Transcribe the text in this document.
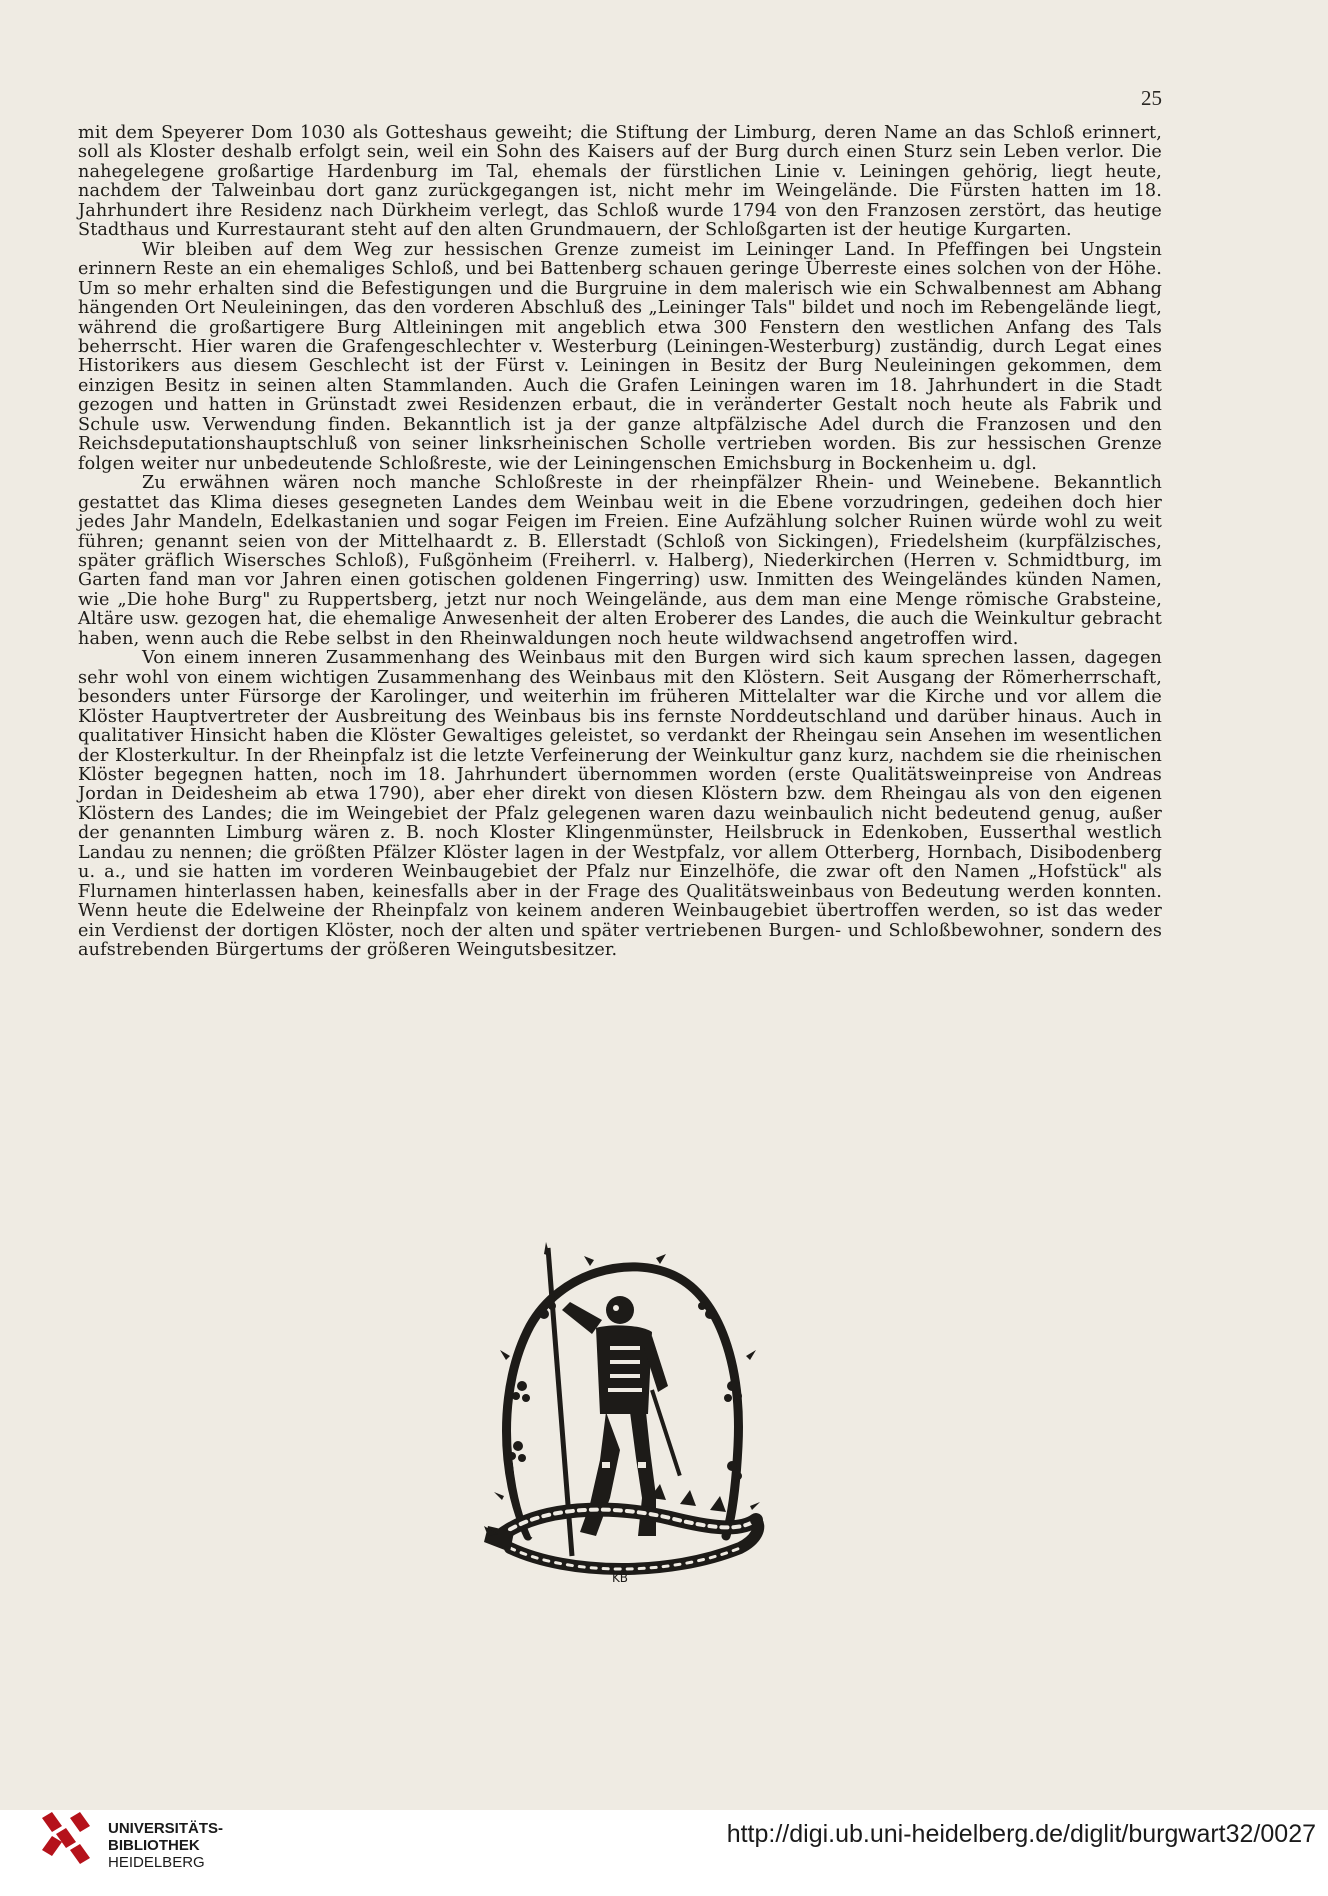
25

mit dem Speyerer Dom 1030 als Gotteshaus geweiht; die Stiftung der Limburg, deren Name an das Schloß erinnert, soll als Kloster deshalb erfolgt sein, weil ein Sohn des Kaisers auf der Burg durch einen Sturz sein Leben verlor. Die nahegelegene großartige Hardenburg im Tal, ehemals der fürstlichen Linie v. Leiningen gehörig, liegt heute, nachdem der Talweinbau dort ganz zurückgegangen ist, nicht mehr im Weingelände. Die Fürsten hatten im 18. Jahrhundert ihre Residenz nach Dürkheim verlegt, das Schloß wurde 1794 von den Franzosen zerstört, das heutige Stadthaus und Kurrestaurant steht auf den alten Grundmauern, der Schloßgarten ist der heutige Kurgarten.

Wir bleiben auf dem Weg zur hessischen Grenze zumeist im Leininger Land. In Pfeffingen bei Ungstein erinnern Reste an ein ehemaliges Schloß, und bei Battenberg schauen geringe Überreste eines solchen von der Höhe. Um so mehr erhalten sind die Befestigungen und die Burgruine in dem malerisch wie ein Schwalbennest am Abhang hängenden Ort Neuleiningen, das den vorderen Abschluß des „Leininger Tals" bildet und noch im Rebengelände liegt, während die großartigere Burg Altleiningen mit angeblich etwa 300 Fenstern den westlichen Anfang des Tals beherrscht. Hier waren die Grafengeschlechter v. Westerburg (Leiningen-Westerburg) zuständig, durch Legat eines Historikers aus diesem Geschlecht ist der Fürst v. Leiningen in Besitz der Burg Neuleiningen gekommen, dem einzigen Besitz in seinen alten Stammlanden. Auch die Grafen Leiningen waren im 18. Jahrhundert in die Stadt gezogen und hatten in Grünstadt zwei Residenzen erbaut, die in veränderter Gestalt noch heute als Fabrik und Schule usw. Verwendung finden. Bekanntlich ist ja der ganze altpfälzische Adel durch die Franzosen und den Reichsdeputationshauptschluß von seiner linksrheinischen Scholle vertrieben worden. Bis zur hessischen Grenze folgen weiter nur unbedeutende Schloßreste, wie der Leiningenschen Emichsburg in Bockenheim u. dgl.

Zu erwähnen wären noch manche Schloßreste in der rheinpfälzer Rhein- und Weinebene. Bekanntlich gestattet das Klima dieses gesegneten Landes dem Weinbau weit in die Ebene vorzudringen, gedeihen doch hier jedes Jahr Mandeln, Edelkastanien und sogar Feigen im Freien. Eine Aufzählung solcher Ruinen würde wohl zu weit führen; genannt seien von der Mittelhaardt z. B. Ellerstadt (Schloß von Sickingen), Friedelsheim (kurpfälzisches, später gräflich Wisersches Schloß), Fußgönheim (Freiherrl. v. Halberg), Niederkirchen (Herren v. Schmidtburg, im Garten fand man vor Jahren einen gotischen goldenen Fingerring) usw. Inmitten des Weingeländes künden Namen, wie „Die hohe Burg" zu Ruppertsberg, jetzt nur noch Weingelände, aus dem man eine Menge römische Grabsteine, Altäre usw. gezogen hat, die ehemalige Anwesenheit der alten Eroberer des Landes, die auch die Weinkultur gebracht haben, wenn auch die Rebe selbst in den Rheinwaldungen noch heute wildwachsend angetroffen wird.

Von einem inneren Zusammenhang des Weinbaus mit den Burgen wird sich kaum sprechen lassen, dagegen sehr wohl von einem wichtigen Zusammenhang des Weinbaus mit den Klöstern. Seit Ausgang der Römerherrschaft, besonders unter Fürsorge der Karolinger, und weiterhin im früheren Mittelalter war die Kirche und vor allem die Klöster Hauptvertreter der Ausbreitung des Weinbaus bis ins fernste Norddeutschland und darüber hinaus. Auch in qualitativer Hinsicht haben die Klöster Gewaltiges geleistet, so verdankt der Rheingau sein Ansehen im wesentlichen der Klosterkultur. In der Rheinpfalz ist die letzte Verfeinerung der Weinkultur ganz kurz, nachdem sie die rheinischen Klöster begegnen hatten, noch im 18. Jahrhundert übernommen worden (erste Qualitätsweinpreise von Andreas Jordan in Deidesheim ab etwa 1790), aber eher direkt von diesen Klöstern bzw. dem Rheingau als von den eigenen Klöstern des Landes; die im Weingebiet der Pfalz gelegenen waren dazu weinbaulich nicht bedeutend genug, außer der genannten Limburg wären z. B. noch Kloster Klingenmünster, Heilsbruck in Edenkoben, Eusserthal westlich Landau zu nennen; die größten Pfälzer Klöster lagen in der Westpfalz, vor allem Otterberg, Hornbach, Disibodenberg u. a., und sie hatten im vorderen Weinbaugebiet der Pfalz nur Einzelhöfe, die zwar oft den Namen „Hofstück" als Flurnamen hinterlassen haben, keinesfalls aber in der Frage des Qualitätsweinbaus von Bedeutung werden konnten. Wenn heute die Edelweine der Rheinpfalz von keinem anderen Weinbaugebiet übertroffen werden, so ist das weder ein Verdienst der dortigen Klöster, noch der alten und später vertriebenen Burgen- und Schloßbewohner, sondern des aufstrebenden Bürgertums der größeren Weingutsbesitzer.

KB
UNIVERSITÄTS-
BIBLIOTHEK
HEIDELBERG
http://digi.ub.uni-heidelberg.de/diglit/burgwart32/0027
